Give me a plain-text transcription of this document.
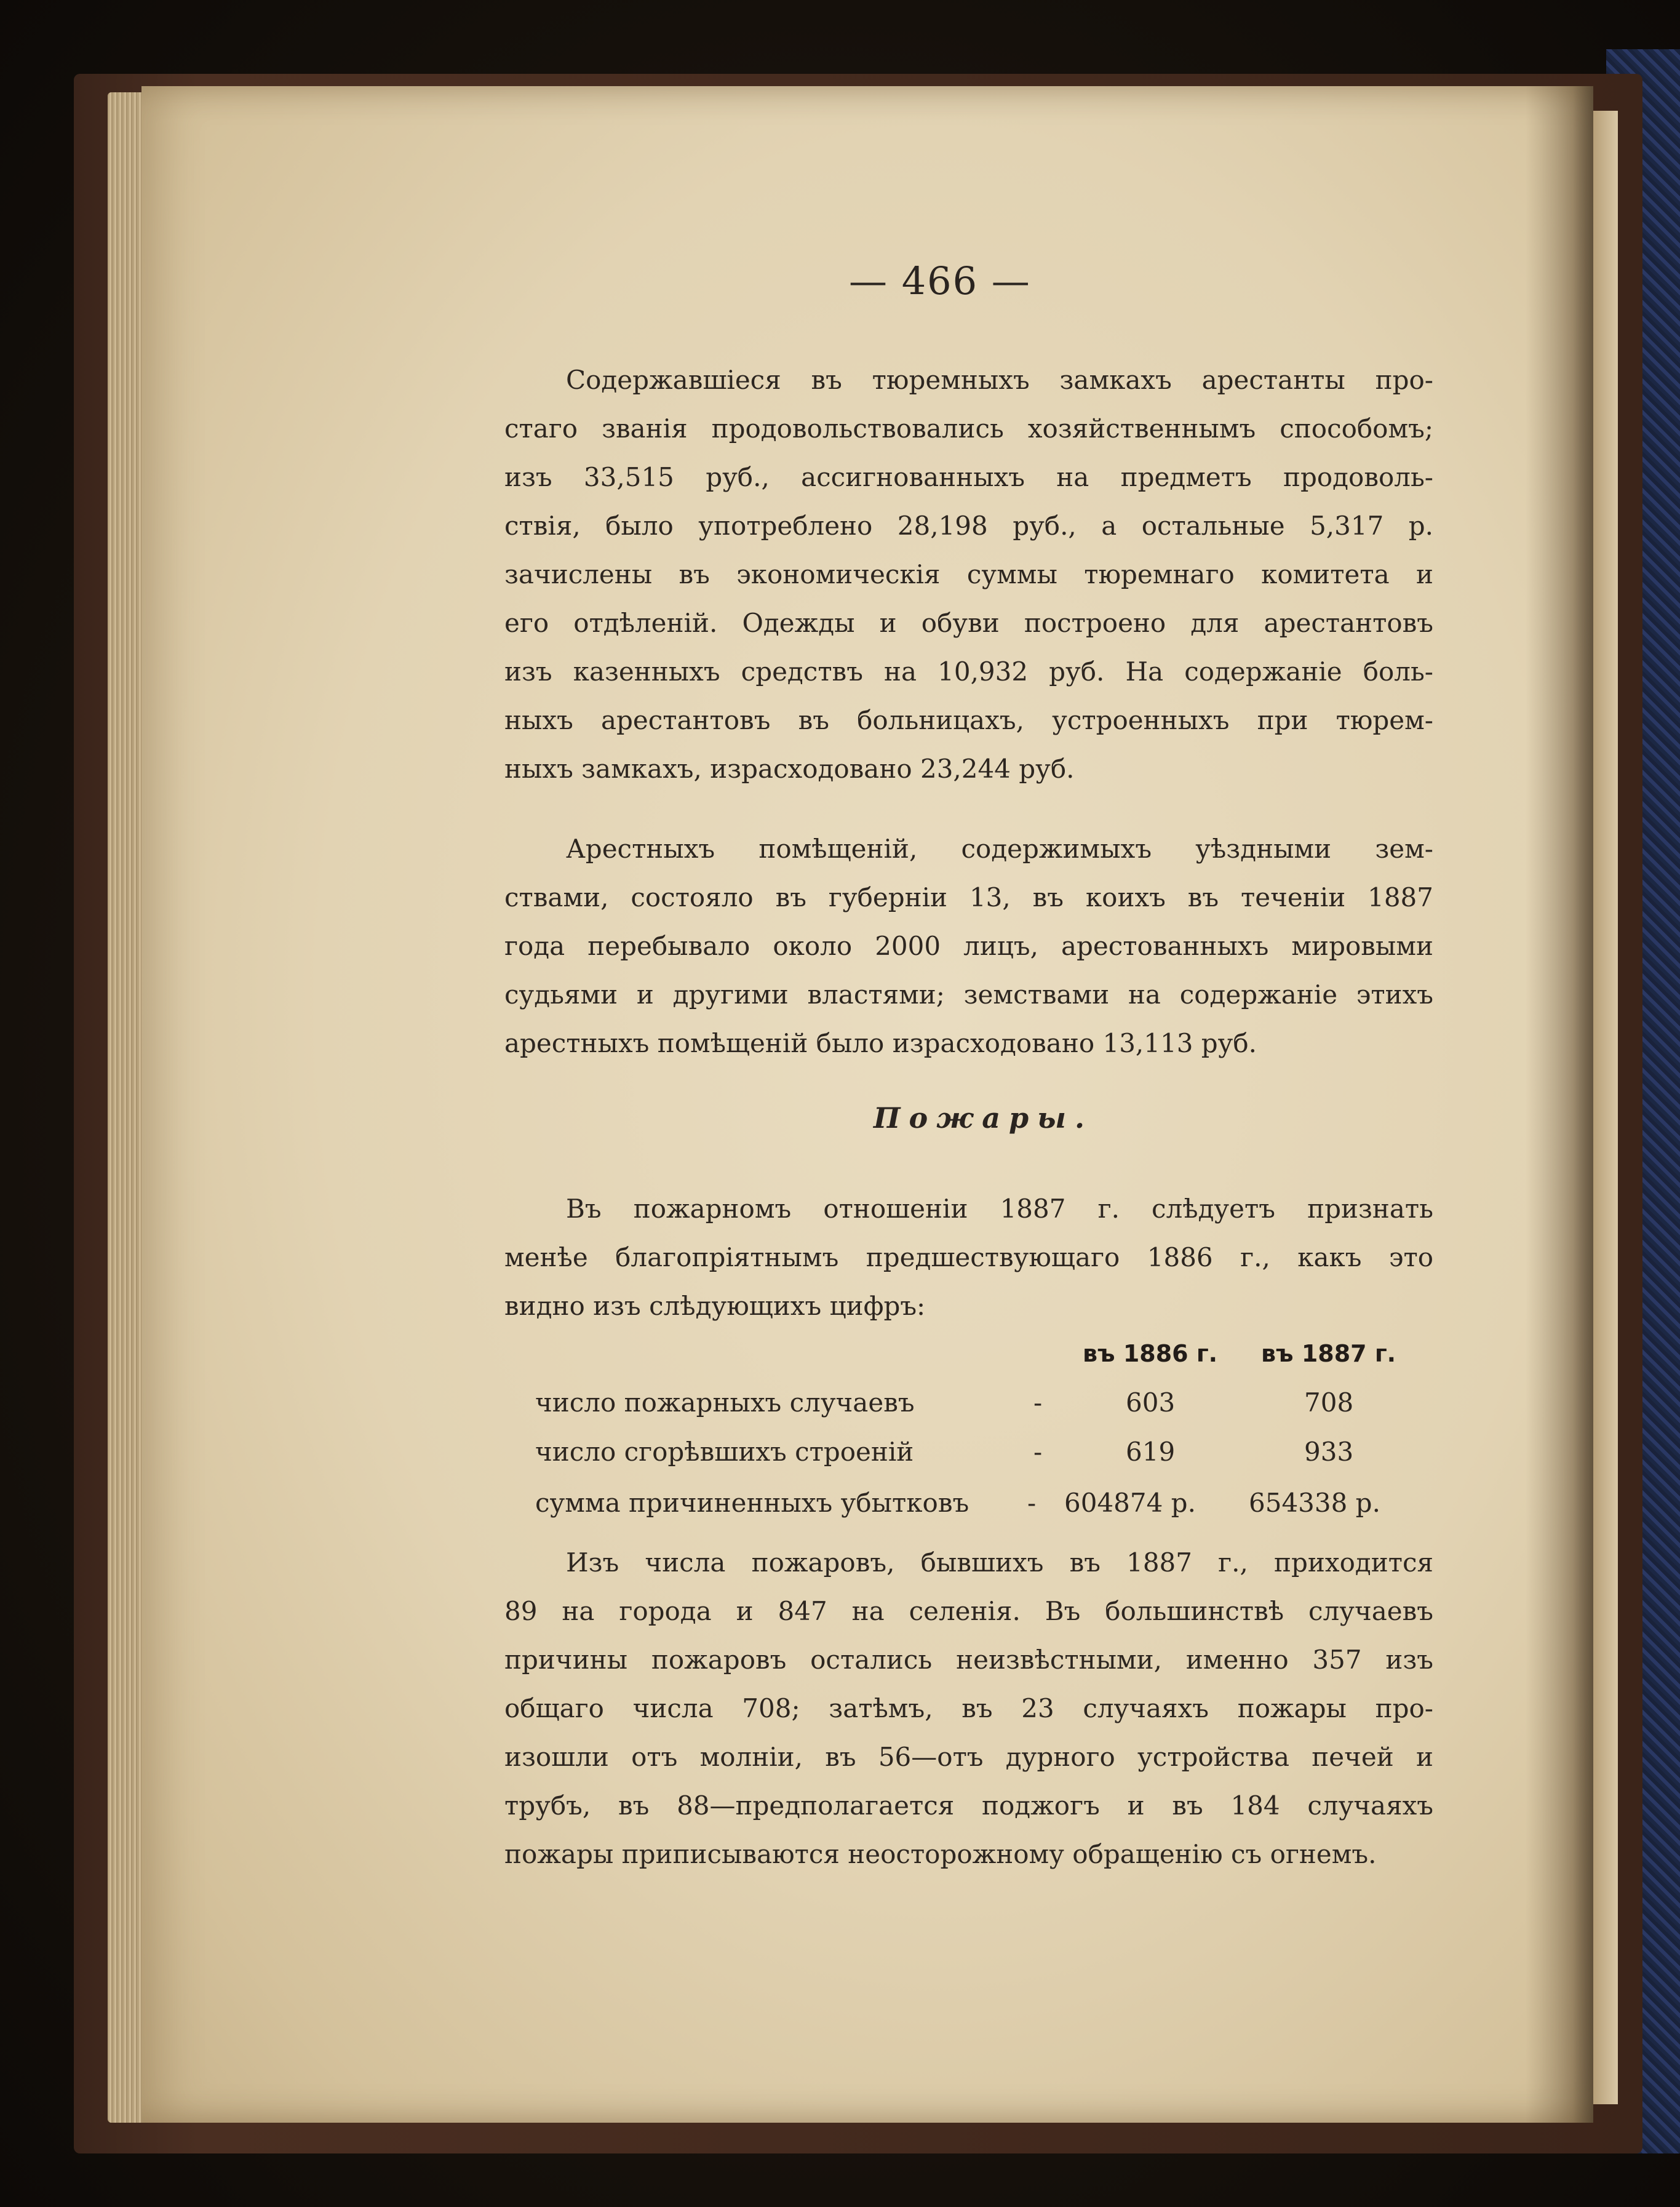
— 466 —
Содержавшіеся въ тюремныхъ замкахъ арестанты про-
стаго званія продовольствовались хозяйственнымъ способомъ;
изъ 33,515 руб., ассигнованныхъ на предметъ продоволь-
ствія, было употреблено 28,198 руб., а остальные 5,317 р.
зачислены въ экономическія суммы тюремнаго комитета и
его отдѣленій. Одежды и обуви построено для арестантовъ
изъ казенныхъ средствъ на 10,932 руб. На содержаніе боль-
ныхъ арестантовъ въ больницахъ, устроенныхъ при тюрем-
ныхъ замкахъ, израсходовано 23,244 руб.
Арестныхъ помѣщеній, содержимыхъ уѣздными зем-
ствами, состояло въ губерніи 13, въ коихъ въ теченіи 1887
года перебывало около 2000 лицъ, арестованныхъ мировыми
судьями и другими властями; земствами на содержаніе этихъ
арестныхъ помѣщеній было израсходовано 13,113 руб.
Пожары.
Въ пожарномъ отношеніи 1887 г. слѣдуетъ признать
менѣе благопріятнымъ предшествующаго 1886 г., какъ это
видно изъ слѣдующихъ цифръ:
въ 1886 г. въ 1887 г.
число пожарныхъ случаевъ	-	603	708
число сгорѣвшихъ строеній	-	619	933
сумма причиненныхъ убытковъ - 604874 р. 654338 р.
Изъ числа пожаровъ, бывшихъ въ 1887 г., приходится
89 на города и 847 на селенія. Въ большинствѣ случаевъ
причины пожаровъ остались неизвѣстными, именно 357 изъ
общаго числа 708; затѣмъ, въ 23 случаяхъ пожары про-
изошли отъ молніи, въ 56—отъ дурного устройства печей и
трубъ, въ 88—предполагается поджогъ и въ 184 случаяхъ
пожары приписываются неосторожному обращенію съ огнемъ.
